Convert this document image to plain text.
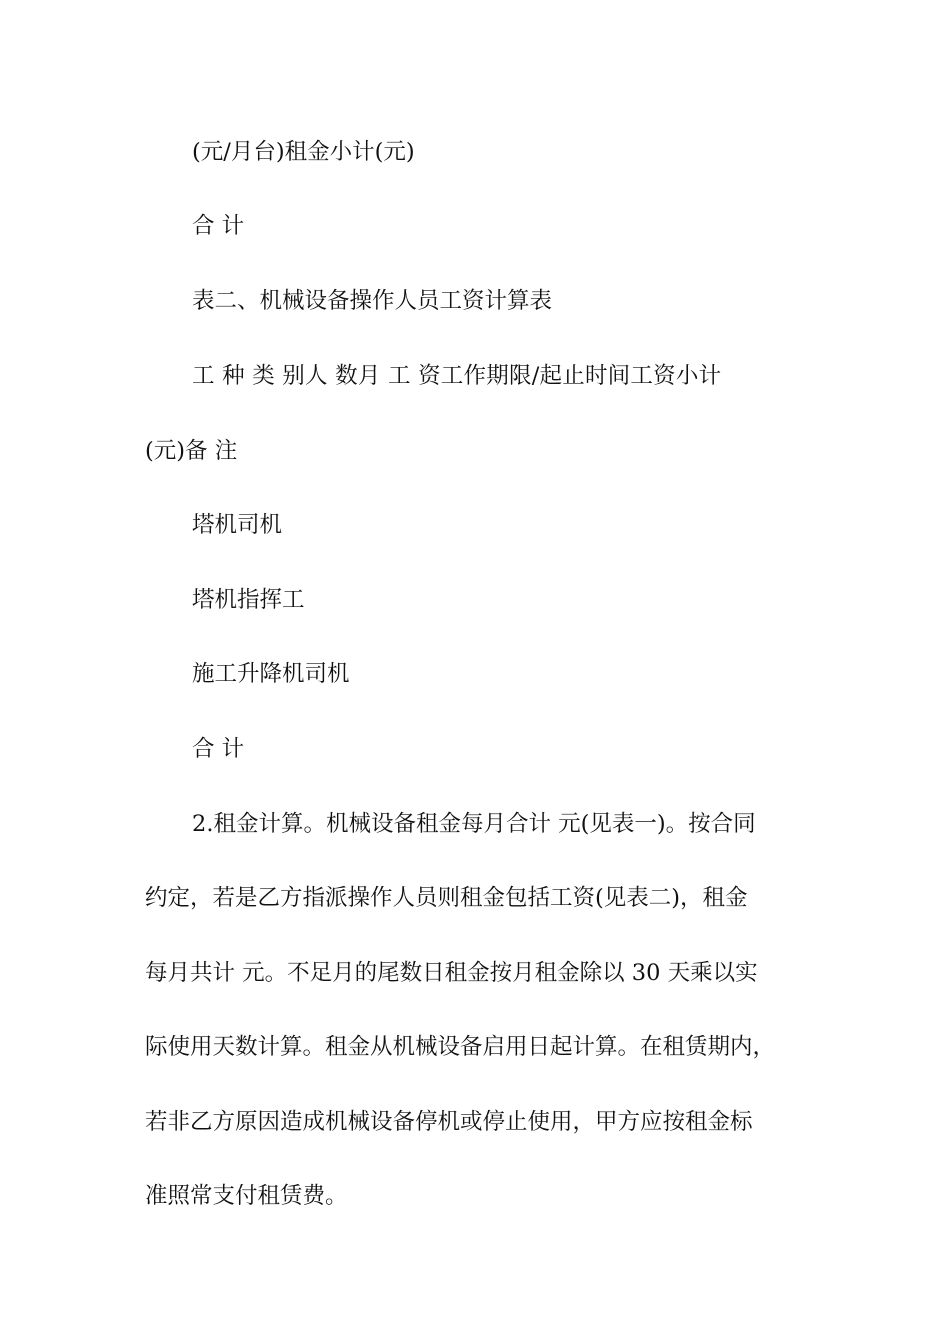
(元/月台)租金小计(元)
合 计
表二、机械设备操作人员工资计算表
工 种 类 别人 数月 工 资工作期限/起止时间工资小计
(元)备 注
塔机司机
塔机指挥工
施工升降机司机
合 计
2.租金计算。机械设备租金每月合计 元(见表一)。按合同
约定，若是乙方指派操作人员则租金包括工资(见表二)，租金
每月共计 元。不足月的尾数日租金按月租金除以 30 天乘以实
际使用天数计算。租金从机械设备启用日起计算。在租赁期内，
若非乙方原因造成机械设备停机或停止使用，甲方应按租金标
准照常支付租赁费。
